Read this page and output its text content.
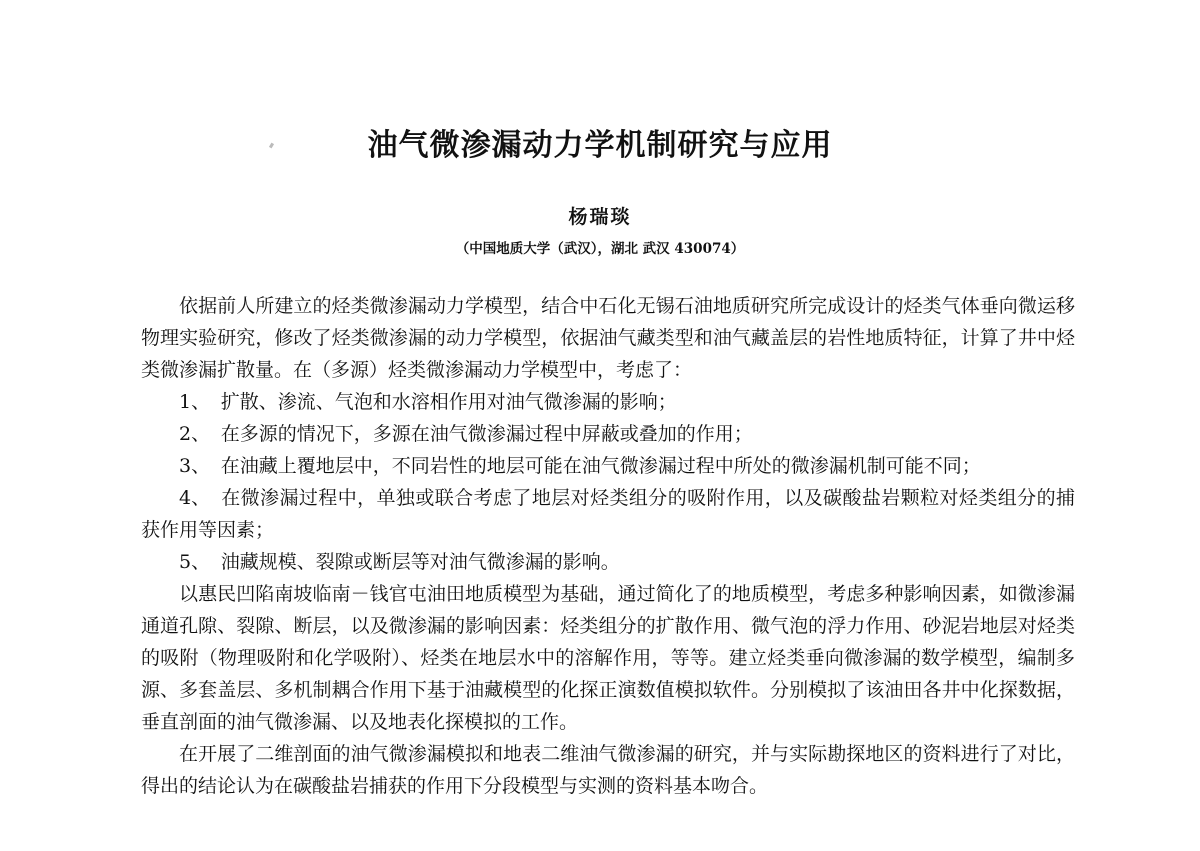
油气微渗漏动力学机制研究与应用
杨瑞琰
（中国地质大学（武汉），湖北 武汉 430074）

依据前人所建立的烃类微渗漏动力学模型，结合中石化无锡石油地质研究所完成设计的烃类气体垂向微运移物理实验研究，修改了烃类微渗漏的动力学模型，依据油气藏类型和油气藏盖层的岩性地质特征，计算了井中烃类微渗漏扩散量。在（多源）烃类微渗漏动力学模型中，考虑了：

1、 扩散、渗流、气泡和水溶相作用对油气微渗漏的影响；

2、 在多源的情况下，多源在油气微渗漏过程中屏蔽或叠加的作用；

3、 在油藏上覆地层中，不同岩性的地层可能在油气微渗漏过程中所处的微渗漏机制可能不同；

4、 在微渗漏过程中，单独或联合考虑了地层对烃类组分的吸附作用，以及碳酸盐岩颗粒对烃类组分的捕获作用等因素；

5、 油藏规模、裂隙或断层等对油气微渗漏的影响。

以惠民凹陷南坡临南－钱官屯油田地质模型为基础，通过简化了的地质模型，考虑多种影响因素，如微渗漏通道孔隙、裂隙、断层，以及微渗漏的影响因素：烃类组分的扩散作用、微气泡的浮力作用、砂泥岩地层对烃类的吸附（物理吸附和化学吸附）、烃类在地层水中的溶解作用，等等。建立烃类垂向微渗漏的数学模型，编制多源、多套盖层、多机制耦合作用下基于油藏模型的化探正演数值模拟软件。分别模拟了该油田各井中化探数据，垂直剖面的油气微渗漏、以及地表化探模拟的工作。

在开展了二维剖面的油气微渗漏模拟和地表二维油气微渗漏的研究，并与实际勘探地区的资料进行了对比，得出的结论认为在碳酸盐岩捕获的作用下分段模型与实测的资料基本吻合。
